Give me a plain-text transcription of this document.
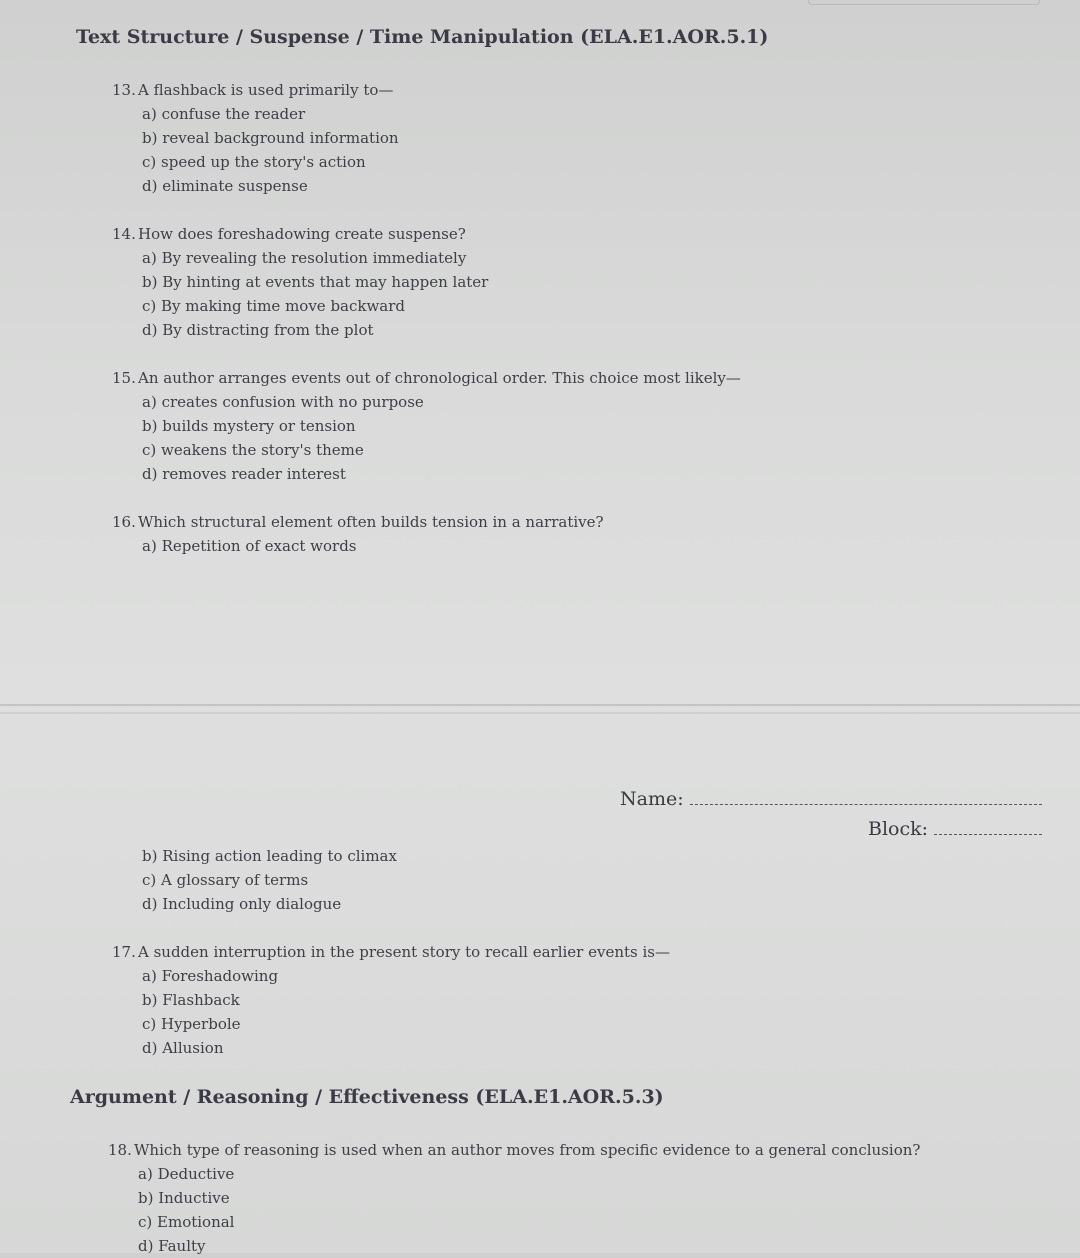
Text Structure / Suspense / Time Manipulation (ELA.E1.AOR.5.1)
13. A flashback is used primarily to—
a) confuse the reader
b) reveal background information
c) speed up the story's action
d) eliminate suspense
14. How does foreshadowing create suspense?
a) By revealing the resolution immediately
b) By hinting at events that may happen later
c) By making time move backward
d) By distracting from the plot
15. An author arranges events out of chronological order. This choice most likely—
a) creates confusion with no purpose
b) builds mystery or tension
c) weakens the story's theme
d) removes reader interest
16. Which structural element often builds tension in a narrative?
a) Repetition of exact words
Name:
Block:
b) Rising action leading to climax
c) A glossary of terms
d) Including only dialogue
17. A sudden interruption in the present story to recall earlier events is—
a) Foreshadowing
b) Flashback
c) Hyperbole
d) Allusion
Argument / Reasoning / Effectiveness (ELA.E1.AOR.5.3)
18. Which type of reasoning is used when an author moves from specific evidence to a general conclusion?
a) Deductive
b) Inductive
c) Emotional
d) Faulty
